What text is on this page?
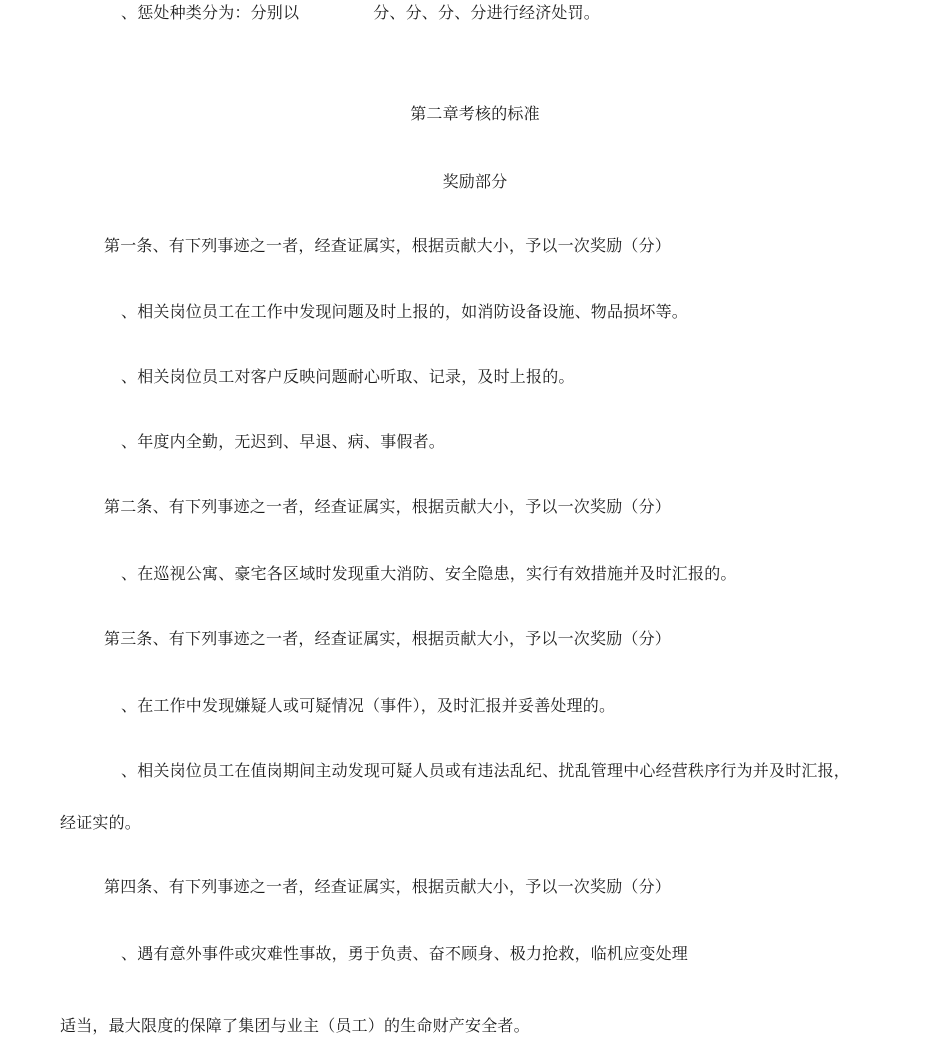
、惩处种类分为：分别以	分、分、分、分进行经济处罚。
第二章考核的标准
奖励部分
第一条、有下列事迹之一者，经查证属实，根据贡献大小，予以一次奖励（分）
、相关岗位员工在工作中发现问题及时上报的，如消防设备设施、物品损坏等。
、相关岗位员工对客户反映问题耐心听取、记录，及时上报的。
、年度内全勤，无迟到、早退、病、事假者。
第二条、有下列事迹之一者，经查证属实，根据贡献大小，予以一次奖励（分）
、在巡视公寓、豪宅各区域时发现重大消防、安全隐患，实行有效措施并及时汇报的。
第三条、有下列事迹之一者，经查证属实，根据贡献大小，予以一次奖励（分）
、在工作中发现嫌疑人或可疑情况（事件），及时汇报并妥善处理的。
、相关岗位员工在值岗期间主动发现可疑人员或有违法乱纪、扰乱管理中心经营秩序行为并及时汇报，
经证实的。
第四条、有下列事迹之一者，经查证属实，根据贡献大小，予以一次奖励（分）
、遇有意外事件或灾难性事故，勇于负责、奋不顾身、极力抢救，临机应变处理
适当，最大限度的保障了集团与业主（员工）的生命财产安全者。
